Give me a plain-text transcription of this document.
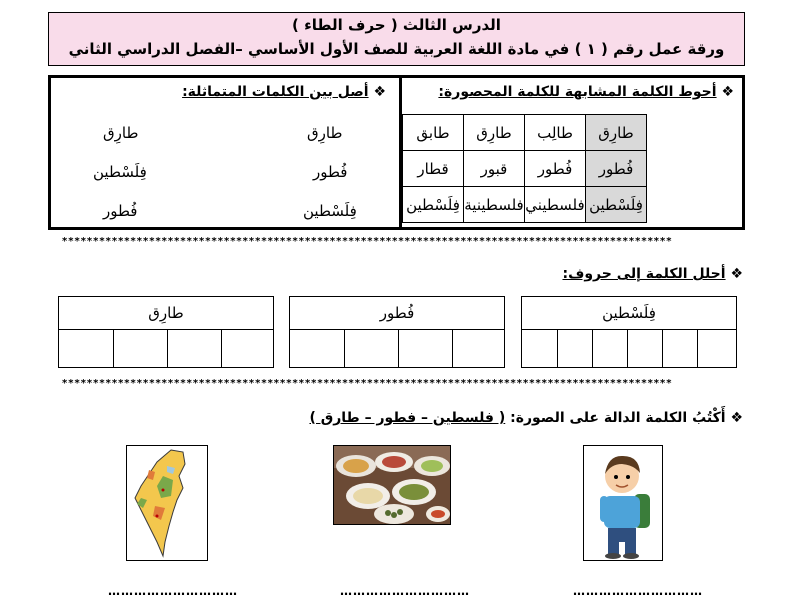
الدرس الثالث ( حرف الطاء )
ورقة عمل رقم ( ١ ) في مادة اللغة العربية للصف الأول الأساسي –الفصل الدراسي الثاني
❖ أحوط الكلمة المشابهة للكلمة المحصورة:
❖ أصل بين الكلمات المتماثلة:
طارِق	طالِب	طارِق	طابق
فُطور	فُطور	قبور	قطار
فِلَسْطين	فلسطيني	فلسطينية	فِلَسْطين
طارِق
فُطور
فِلَسْطين
طارِق
فِلَسْطين
فُطور
**************************************************************************************************
❖ أحلل الكلمة إلى حروف:
فِلَسْطين
فُطور
طارِق
**************************************************************************************************
❖ أَكْتُبُ الكلمة الدالة على الصورة: ( فلسطين – فطور – طارق )
…………………………
…………………………
…………………………
